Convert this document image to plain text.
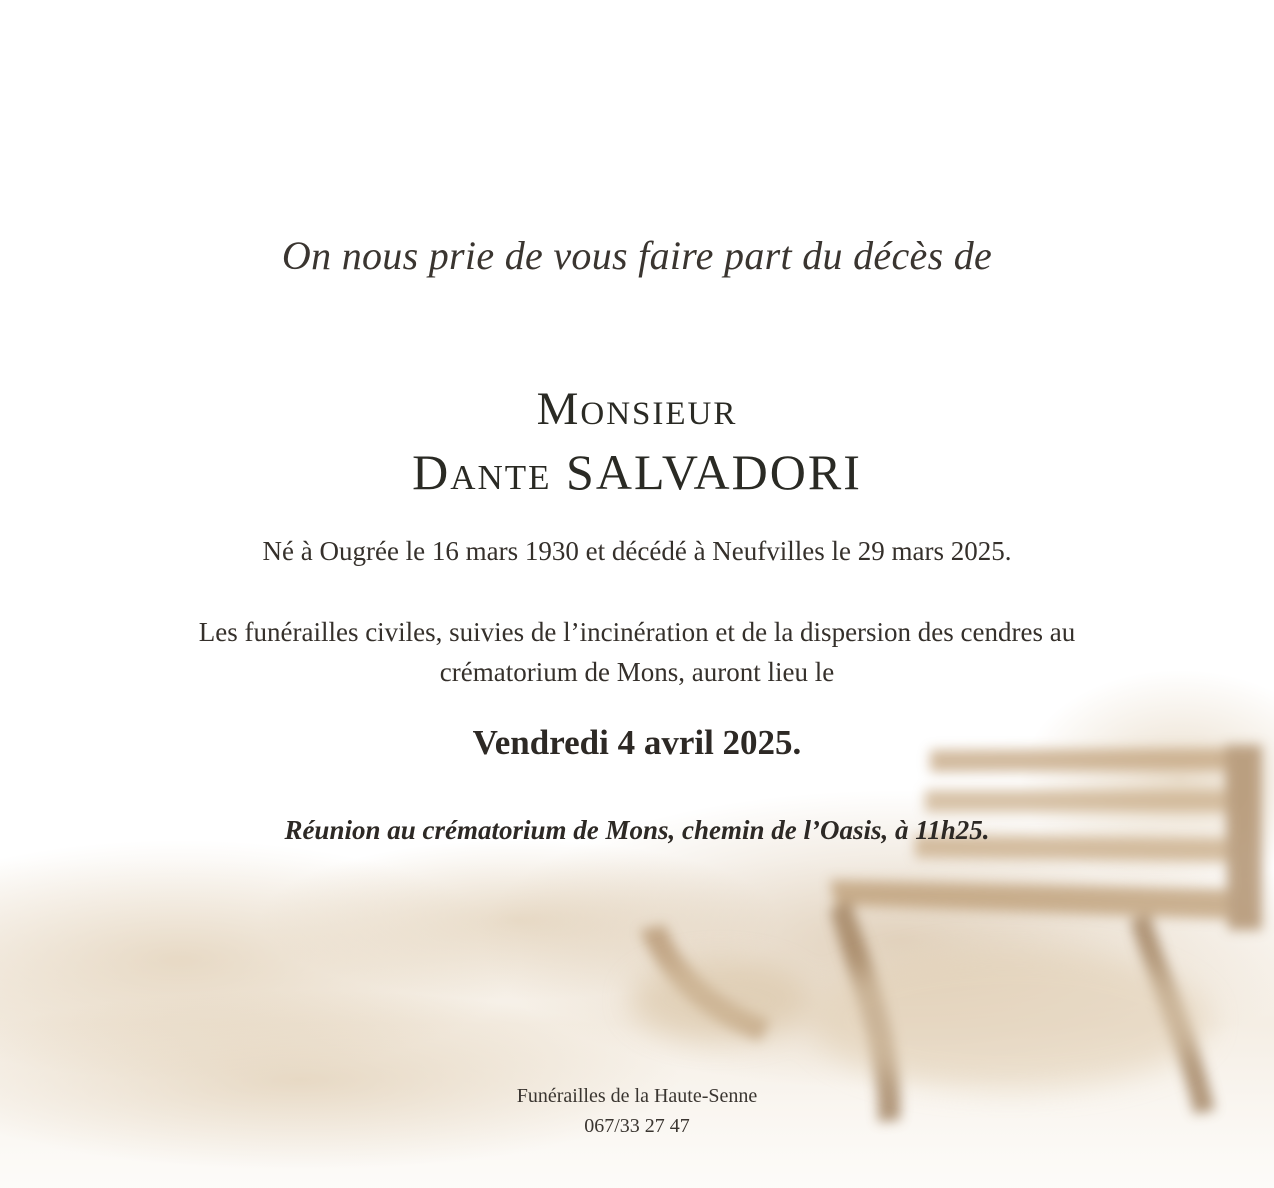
On nous prie de vous faire part du décès de
Monsieur
Dante SALVADORI
Né à Ougrée le 16 mars 1930 et décédé à Neufvilles le 29 mars 2025.
Les funérailles civiles, suivies de l’incinération et de la dispersion des cendres au
crématorium de Mons, auront lieu le
Vendredi 4 avril 2025.
Réunion au crématorium de Mons, chemin de l’Oasis, à 11h25.
Funérailles de la Haute-Senne
067/33 27 47
